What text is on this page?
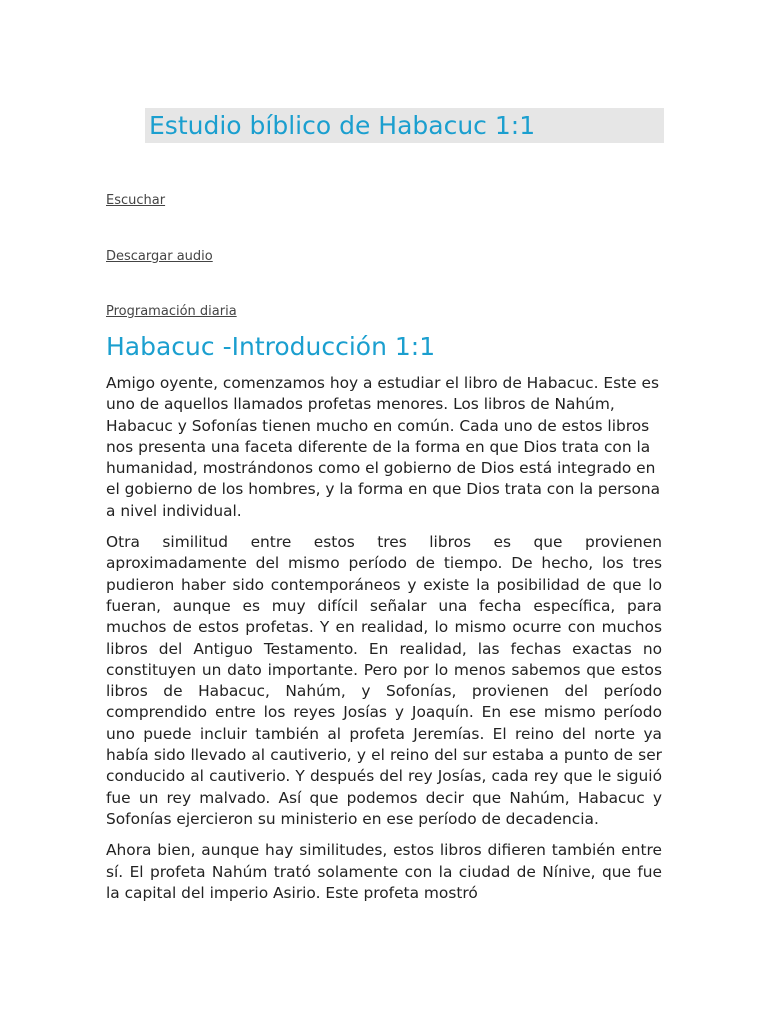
Estudio bíblico de Habacuc 1:1
Escuchar
Descargar audio
Programación diaria
Habacuc -Introducción 1:1

Amigo oyente, comenzamos hoy a estudiar el libro de Habacuc. Este es uno de aquellos llamados profetas menores. Los libros de Nahúm, Habacuc y Sofonías tienen mucho en común. Cada uno de estos libros nos presenta una faceta diferente de la forma en que Dios trata con la humanidad, mostrándonos como el gobierno de Dios está integrado en el gobierno de los hombres, y la forma en que Dios trata con la persona a nivel individual.

Otra similitud entre estos tres libros es que provienen aproximadamente del mismo período de tiempo. De hecho, los tres pudieron haber sido contemporáneos y existe la posibilidad de que lo fueran, aunque es muy difícil señalar una fecha específica, para muchos de estos profetas. Y en realidad, lo mismo ocurre con muchos libros del Antiguo Testamento. En realidad, las fechas exactas no constituyen un dato importante. Pero por lo menos sabemos que estos libros de Habacuc, Nahúm, y Sofonías, provienen del período comprendido entre los reyes Josías y Joaquín. En ese mismo período uno puede incluir también al profeta Jeremías. El reino del norte ya había sido llevado al cautiverio, y el reino del sur estaba a punto de ser conducido al cautiverio. Y después del rey Josías, cada rey que le siguió fue un rey malvado. Así que podemos decir que Nahúm, Habacuc y Sofonías ejercieron su ministerio en ese período de decadencia.

Ahora bien, aunque hay similitudes, estos libros difieren también entre sí. El profeta Nahúm trató solamente con la ciudad de Nínive, que fue la capital del imperio Asirio. Este profeta mostró
